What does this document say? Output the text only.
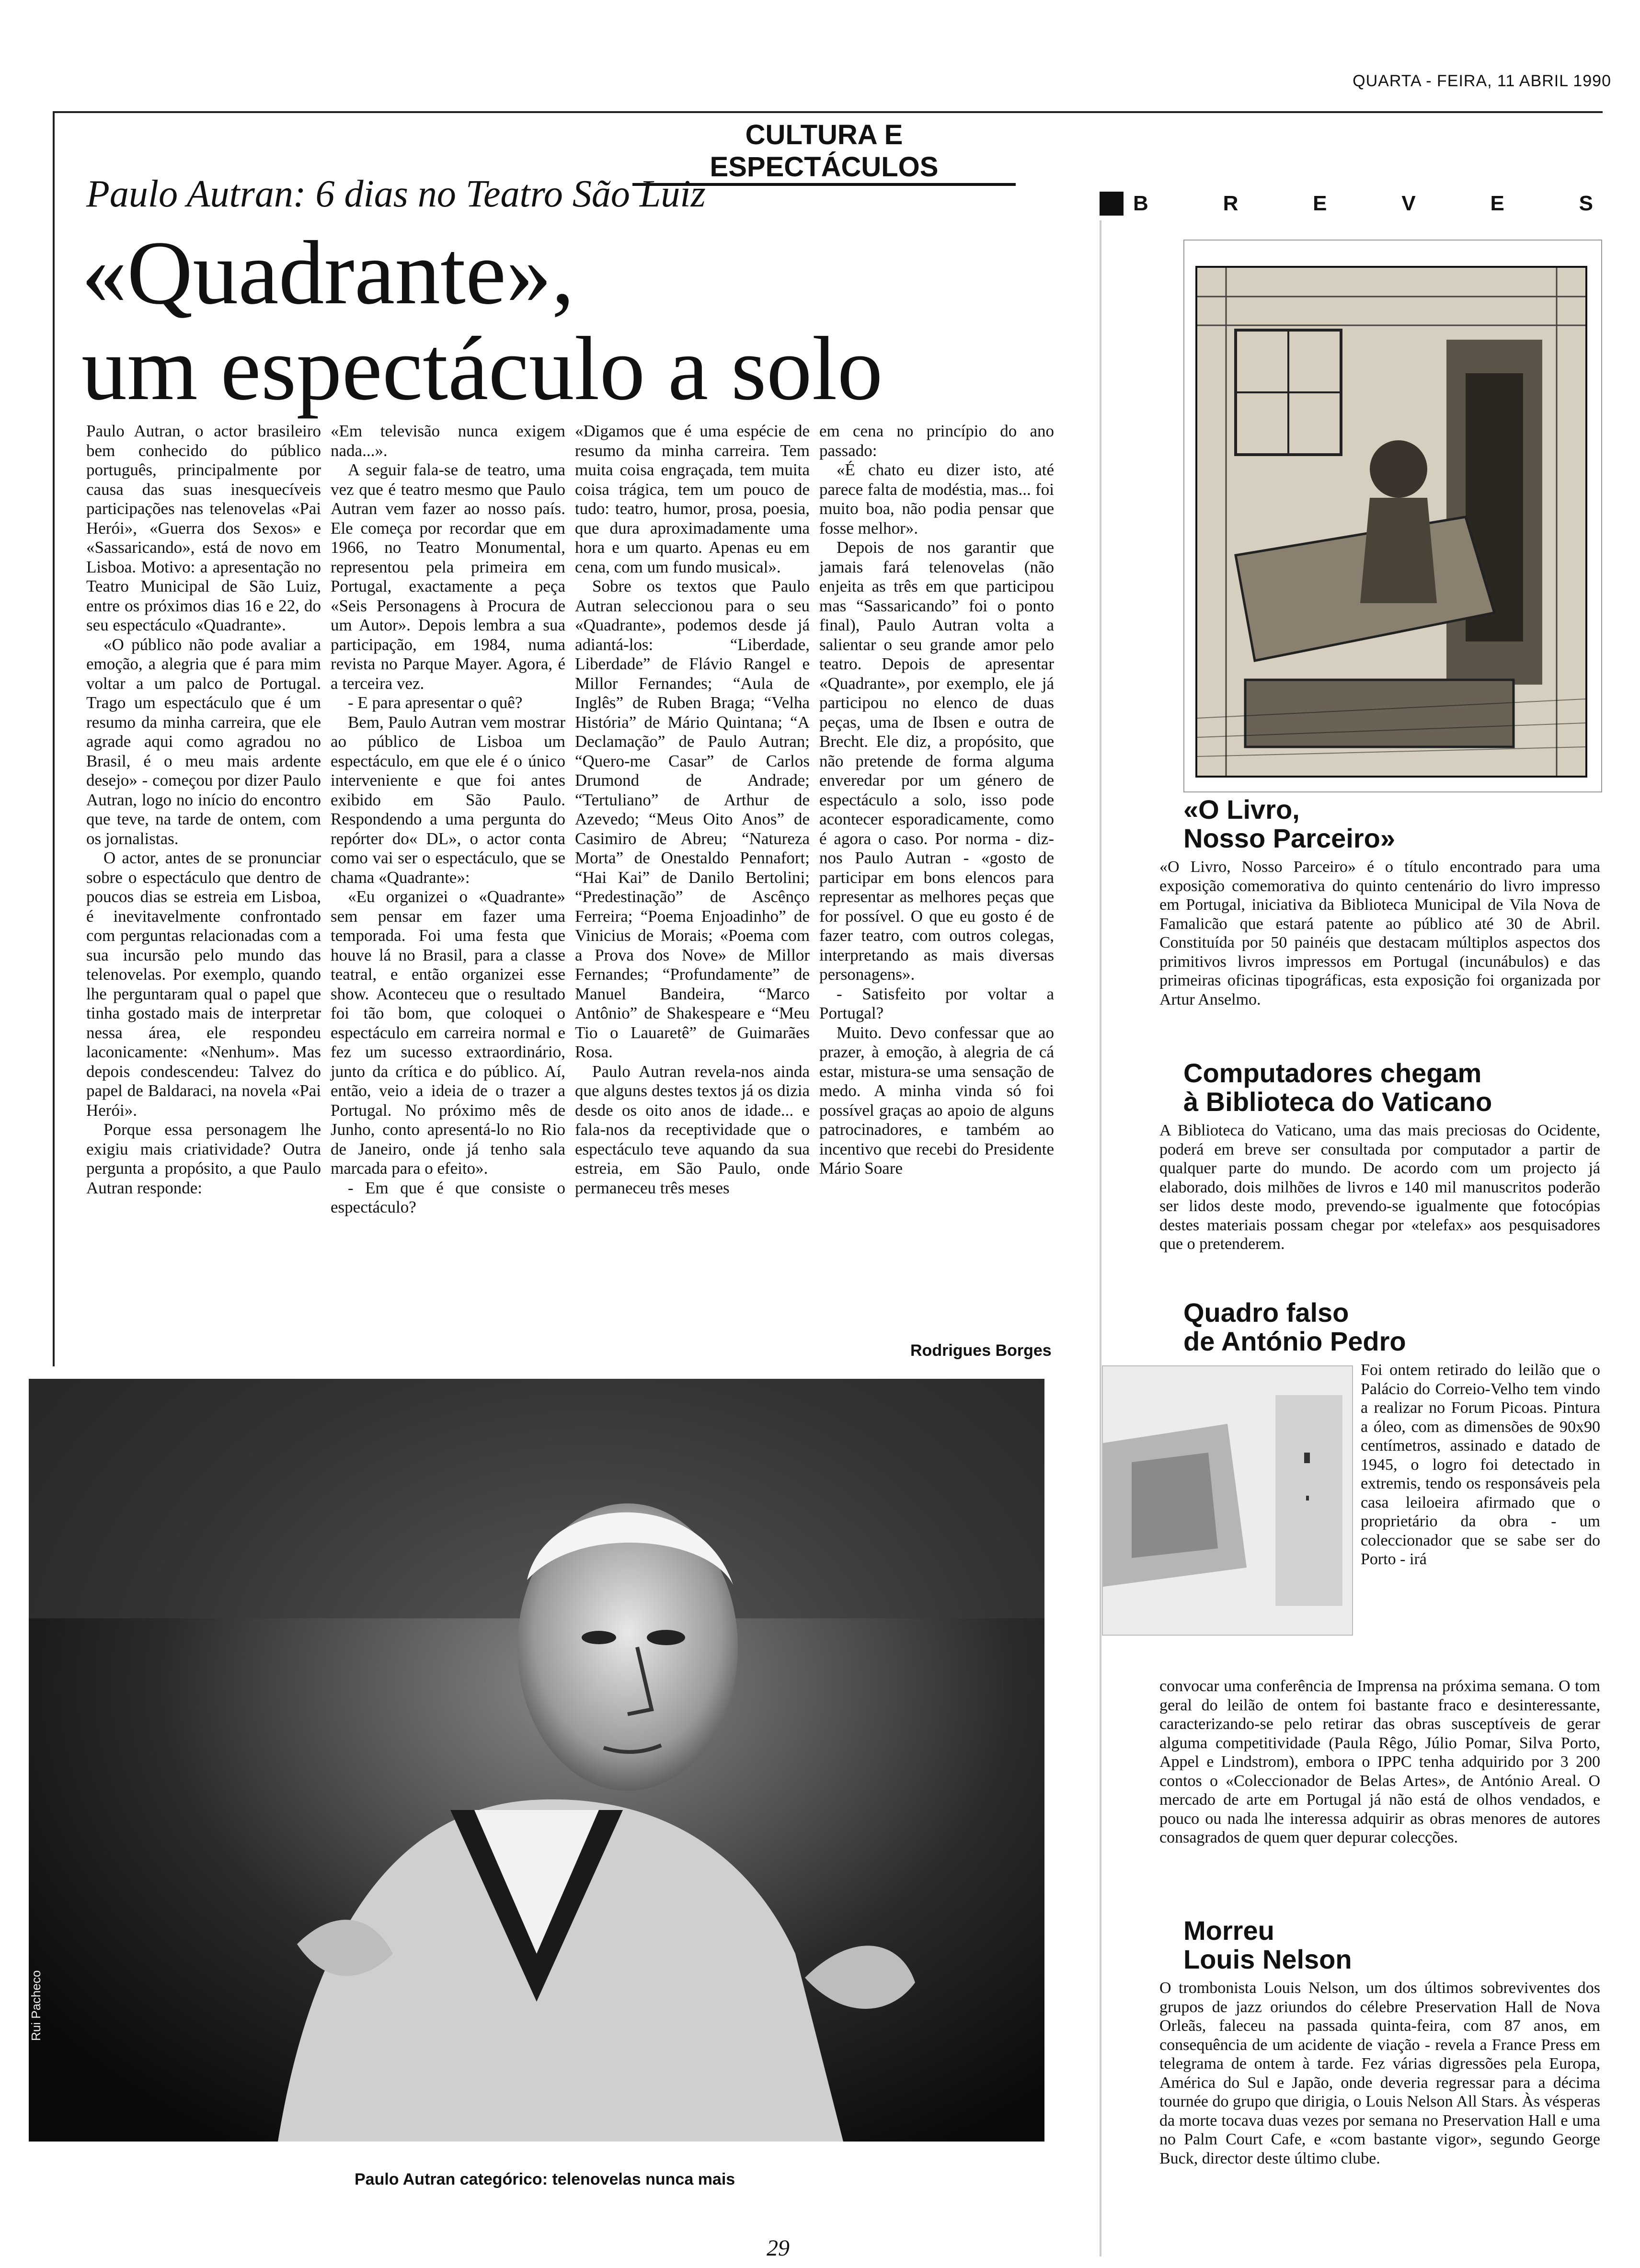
QUARTA - FEIRA, 11 ABRIL 1990
CULTURA E ESPECTÁCULOS
Paulo Autran: 6 dias no Teatro São Luiz
«Quadrante»,
um espectáculo a solo

Paulo Autran, o actor brasileiro bem conhecido do público português, principalmente por causa das suas inesquecíveis participações nas telenovelas «Pai Herói», «Guerra dos Sexos» e «Sassaricando», está de novo em Lisboa. Motivo: a apresentação no Teatro Municipal de São Luiz, entre os próximos dias 16 e 22, do seu espectáculo «Quadrante».

«O público não pode avaliar a emoção, a alegria que é para mim voltar a um palco de Portugal. Trago um espectáculo que é um resumo da minha carreira, que ele agrade aqui como agradou no Brasil, é o meu mais ardente desejo» - começou por dizer Paulo Autran, logo no início do encontro que teve, na tarde de ontem, com os jornalistas.

O actor, antes de se pronunciar sobre o espectáculo que dentro de poucos dias se estreia em Lisboa, é inevitavelmente confrontado com perguntas relacionadas com a sua incursão pelo mundo das telenovelas. Por exemplo, quando lhe perguntaram qual o papel que tinha gostado mais de interpretar nessa área, ele respondeu laconicamente: «Nenhum». Mas depois condescendeu: Talvez do papel de Baldaraci, na novela «Pai Herói».

Porque essa personagem lhe exigiu mais criatividade? Outra pergunta a propósito, a que Paulo Autran responde:

«Em televisão nunca exigem nada...».

A seguir fala-se de teatro, uma vez que é teatro mesmo que Paulo Autran vem fazer ao nosso país. Ele começa por recordar que em 1966, no Teatro Monumental, representou pela primeira em Portugal, exactamente a peça «Seis Personagens à Procura de um Autor». Depois lembra a sua participação, em 1984, numa revista no Parque Mayer. Agora, é a terceira vez.

- E para apresentar o quê?

Bem, Paulo Autran vem mostrar ao público de Lisboa um espectáculo, em que ele é o único interveniente e que foi antes exibido em São Paulo. Respondendo a uma pergunta do repórter do« DL», o actor conta como vai ser o espectáculo, que se chama «Quadrante»:

«Eu organizei o «Quadrante» sem pensar em fazer uma temporada. Foi uma festa que houve lá no Brasil, para a classe teatral, e então organizei esse show. Aconteceu que o resultado foi tão bom, que coloquei o espectáculo em carreira normal e fez um sucesso extraordinário, junto da crítica e do público. Aí, então, veio a ideia de o trazer a Portugal. No próximo mês de Junho, conto apresentá-lo no Rio de Janeiro, onde já tenho sala marcada para o efeito».

- Em que é que consiste o espectáculo?

«Digamos que é uma espécie de resumo da minha carreira. Tem muita coisa engraçada, tem muita coisa trágica, tem um pouco de tudo: teatro, humor, prosa, poesia, que dura aproximadamente uma hora e um quarto. Apenas eu em cena, com um fundo musical».

Sobre os textos que Paulo Autran seleccionou para o seu «Quadrante», podemos desde já adiantá-los: “Liberdade, Liberdade” de Flávio Rangel e Millor Fernandes; “Aula de Inglês” de Ruben Braga; “Velha História” de Mário Quintana; “A Declamação” de Paulo Autran; “Quero-me Casar” de Carlos Drumond de Andrade; “Tertuliano” de Arthur de Azevedo; “Meus Oito Anos” de Casimiro de Abreu; “Natureza Morta” de Onestaldo Pennafort; “Hai Kai” de Danilo Bertolini; “Predestinação” de Ascênço Ferreira; “Poema Enjoadinho” de Vinicius de Morais; «Poema com a Prova dos Nove» de Millor Fernandes; “Profundamente” de Manuel Bandeira, “Marco Antônio” de Shakespeare e “Meu Tio o Lauaretê” de Guimarães Rosa.

Paulo Autran revela-nos ainda que alguns destes textos já os dizia desde os oito anos de idade... e fala-nos da receptividade que o espectáculo teve aquando da sua estreia, em São Paulo, onde permaneceu três meses

em cena no princípio do ano passado:

«É chato eu dizer isto, até parece falta de modéstia, mas... foi muito boa, não podia pensar que fosse melhor».

Depois de nos garantir que jamais fará telenovelas (não enjeita as três em que participou mas “Sassaricando” foi o ponto final), Paulo Autran volta a salientar o seu grande amor pelo teatro. Depois de apresentar «Quadrante», por exemplo, ele já participou no elenco de duas peças, uma de Ibsen e outra de Brecht. Ele diz, a propósito, que não pretende de forma alguma enveredar por um género de espectáculo a solo, isso pode acontecer esporadicamente, como é agora o caso. Por norma - diz-nos Paulo Autran - «gosto de participar em bons elencos para representar as melhores peças que for possível. O que eu gosto é de fazer teatro, com outros colegas, interpretando as mais diversas personagens».

- Satisfeito por voltar a Portugal?

Muito. Devo confessar que ao prazer, à emoção, à alegria de cá estar, mistura-se uma sensação de medo. A minha vinda só foi possível graças ao apoio de alguns patrocinadores, e também ao incentivo que recebi do Presidente Mário Soare

Rodrigues Borges
Rui Pacheco
Paulo Autran categórico: telenovelas nunca mais
29
B	R	E	V	E	S
«O Livro,
Nosso Parceiro»
«O Livro, Nosso Parceiro» é o título encontrado para uma exposição comemorativa do quinto centenário do livro impresso em Portugal, iniciativa da Biblioteca Municipal de Vila Nova de Famalicão que estará patente ao público até 30 de Abril. Constituída por 50 painéis que destacam múltiplos aspectos dos primitivos livros impressos em Portugal (incunábulos) e das primeiras oficinas tipográficas, esta exposição foi organizada por Artur Anselmo.
Computadores chegam
à Biblioteca do Vaticano
A Biblioteca do Vaticano, uma das mais preciosas do Ocidente, poderá em breve ser consultada por computador a partir de qualquer parte do mundo. De acordo com um projecto já elaborado, dois milhões de livros e 140 mil manuscritos poderão ser lidos deste modo, prevendo-se igualmente que fotocópias destes materiais possam chegar por «telefax» aos pesquisadores que o pretenderem.
Quadro falso
de António Pedro
Foi ontem retirado do leilão que o Palácio do Correio-Velho tem vindo a realizar no Forum Picoas. Pintura a óleo, com as dimensões de 90x90 centímetros, assinado e datado de 1945, o logro foi detectado in extremis, tendo os responsáveis pela casa leiloeira afirmado que o proprietário da obra - um coleccionador que se sabe ser do Porto - irá
convocar uma conferência de Imprensa na próxima semana. O tom geral do leilão de ontem foi bastante fraco e desinteressante, caracterizando-se pelo retirar das obras susceptíveis de gerar alguma competitividade (Paula Rêgo, Júlio Pomar, Silva Porto, Appel e Lindstrom), embora o IPPC tenha adquirido por 3 200 contos o «Coleccionador de Belas Artes», de António Areal. O mercado de arte em Portugal já não está de olhos vendados, e pouco ou nada lhe interessa adquirir as obras menores de autores consagrados de quem quer depurar colecções.
Morreu
Louis Nelson
O trombonista Louis Nelson, um dos últimos sobreviventes dos grupos de jazz oriundos do célebre Preservation Hall de Nova Orleãs, faleceu na passada quinta-feira, com 87 anos, em consequência de um acidente de viação - revela a France Press em telegrama de ontem à tarde. Fez várias digressões pela Europa, América do Sul e Japão, onde deveria regressar para a décima tournée do grupo que dirigia, o Louis Nelson All Stars. Às vésperas da morte tocava duas vezes por semana no Preservation Hall e uma no Palm Court Cafe, e «com bastante vigor», segundo George Buck, director deste último clube.
